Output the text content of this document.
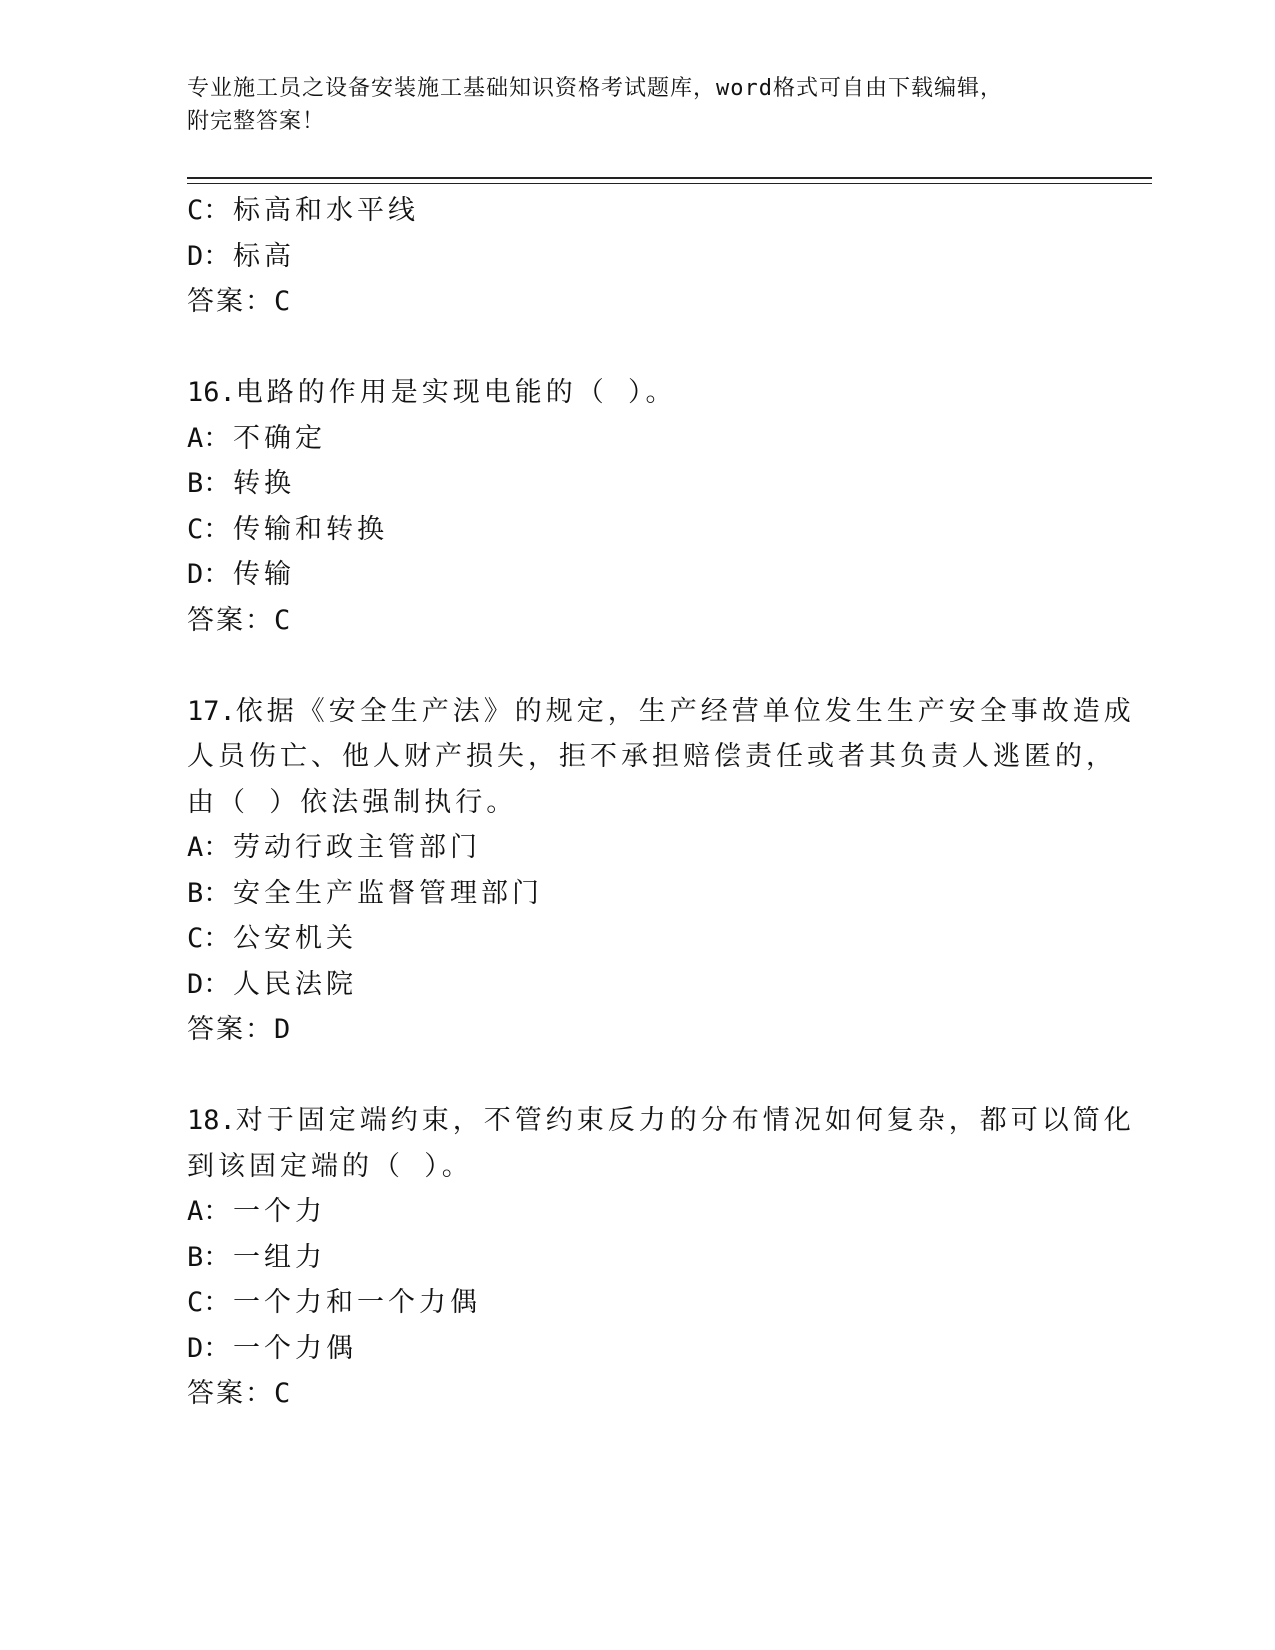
专业施工员之设备安装施工基础知识资格考试题库，word格式可自由下载编辑，
附完整答案！
C： 标高和水平线
D： 标高
答案：C
16.电路的作用是实现电能的（ ）。
A： 不确定
B： 转换
C： 传输和转换
D： 传输
答案：C
17.依据《安全生产法》的规定，生产经营单位发生生产安全事故造成
人员伤亡、他人财产损失，拒不承担赔偿责任或者其负责人逃匿的，
由（ ）依法强制执行。
A： 劳动行政主管部门
B： 安全生产监督管理部门
C： 公安机关
D： 人民法院
答案：D
18.对于固定端约束，不管约束反力的分布情况如何复杂，都可以简化
到该固定端的（ ）。
A： 一个力
B： 一组力
C： 一个力和一个力偶
D： 一个力偶
答案：C
